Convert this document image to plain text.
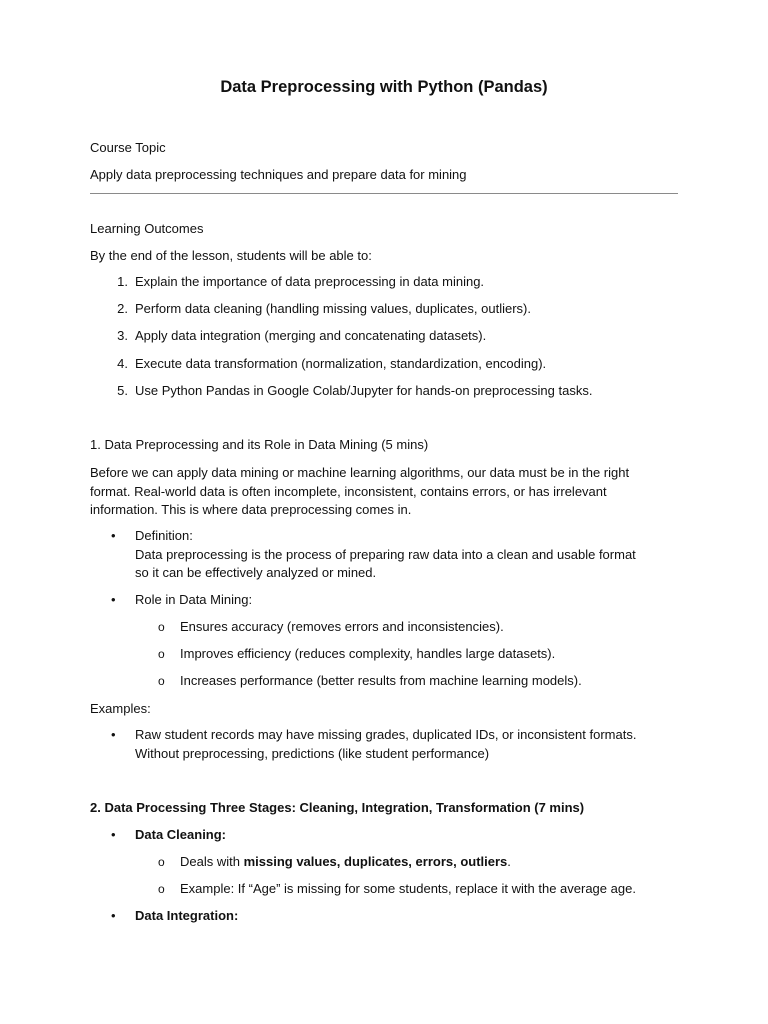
Data Preprocessing with Python (Pandas)
Course Topic
Apply data preprocessing techniques and prepare data for mining
Learning Outcomes
By the end of the lesson, students will be able to:
1. Explain the importance of data preprocessing in data mining.
2. Perform data cleaning (handling missing values, duplicates, outliers).
3. Apply data integration (merging and concatenating datasets).
4. Execute data transformation (normalization, standardization, encoding).
5. Use Python Pandas in Google Colab/Jupyter for hands-on preprocessing tasks.
1. Data Preprocessing and its Role in Data Mining (5 mins)
Before we can apply data mining or machine learning algorithms, our data must be in the right
format. Real-world data is often incomplete, inconsistent, contains errors, or has irrelevant
information. This is where data preprocessing comes in.
• Definition:
Data preprocessing is the process of preparing raw data into a clean and usable format
so it can be effectively analyzed or mined.
• Role in Data Mining:
o Ensures accuracy (removes errors and inconsistencies).
o Improves efficiency (reduces complexity, handles large datasets).
o Increases performance (better results from machine learning models).
Examples:
• Raw student records may have missing grades, duplicated IDs, or inconsistent formats.
Without preprocessing, predictions (like student performance)
2. Data Processing Three Stages: Cleaning, Integration, Transformation (7 mins)
• Data Cleaning:
o Deals with missing values, duplicates, errors, outliers.
o Example: If “Age” is missing for some students, replace it with the average age.
• Data Integration:
